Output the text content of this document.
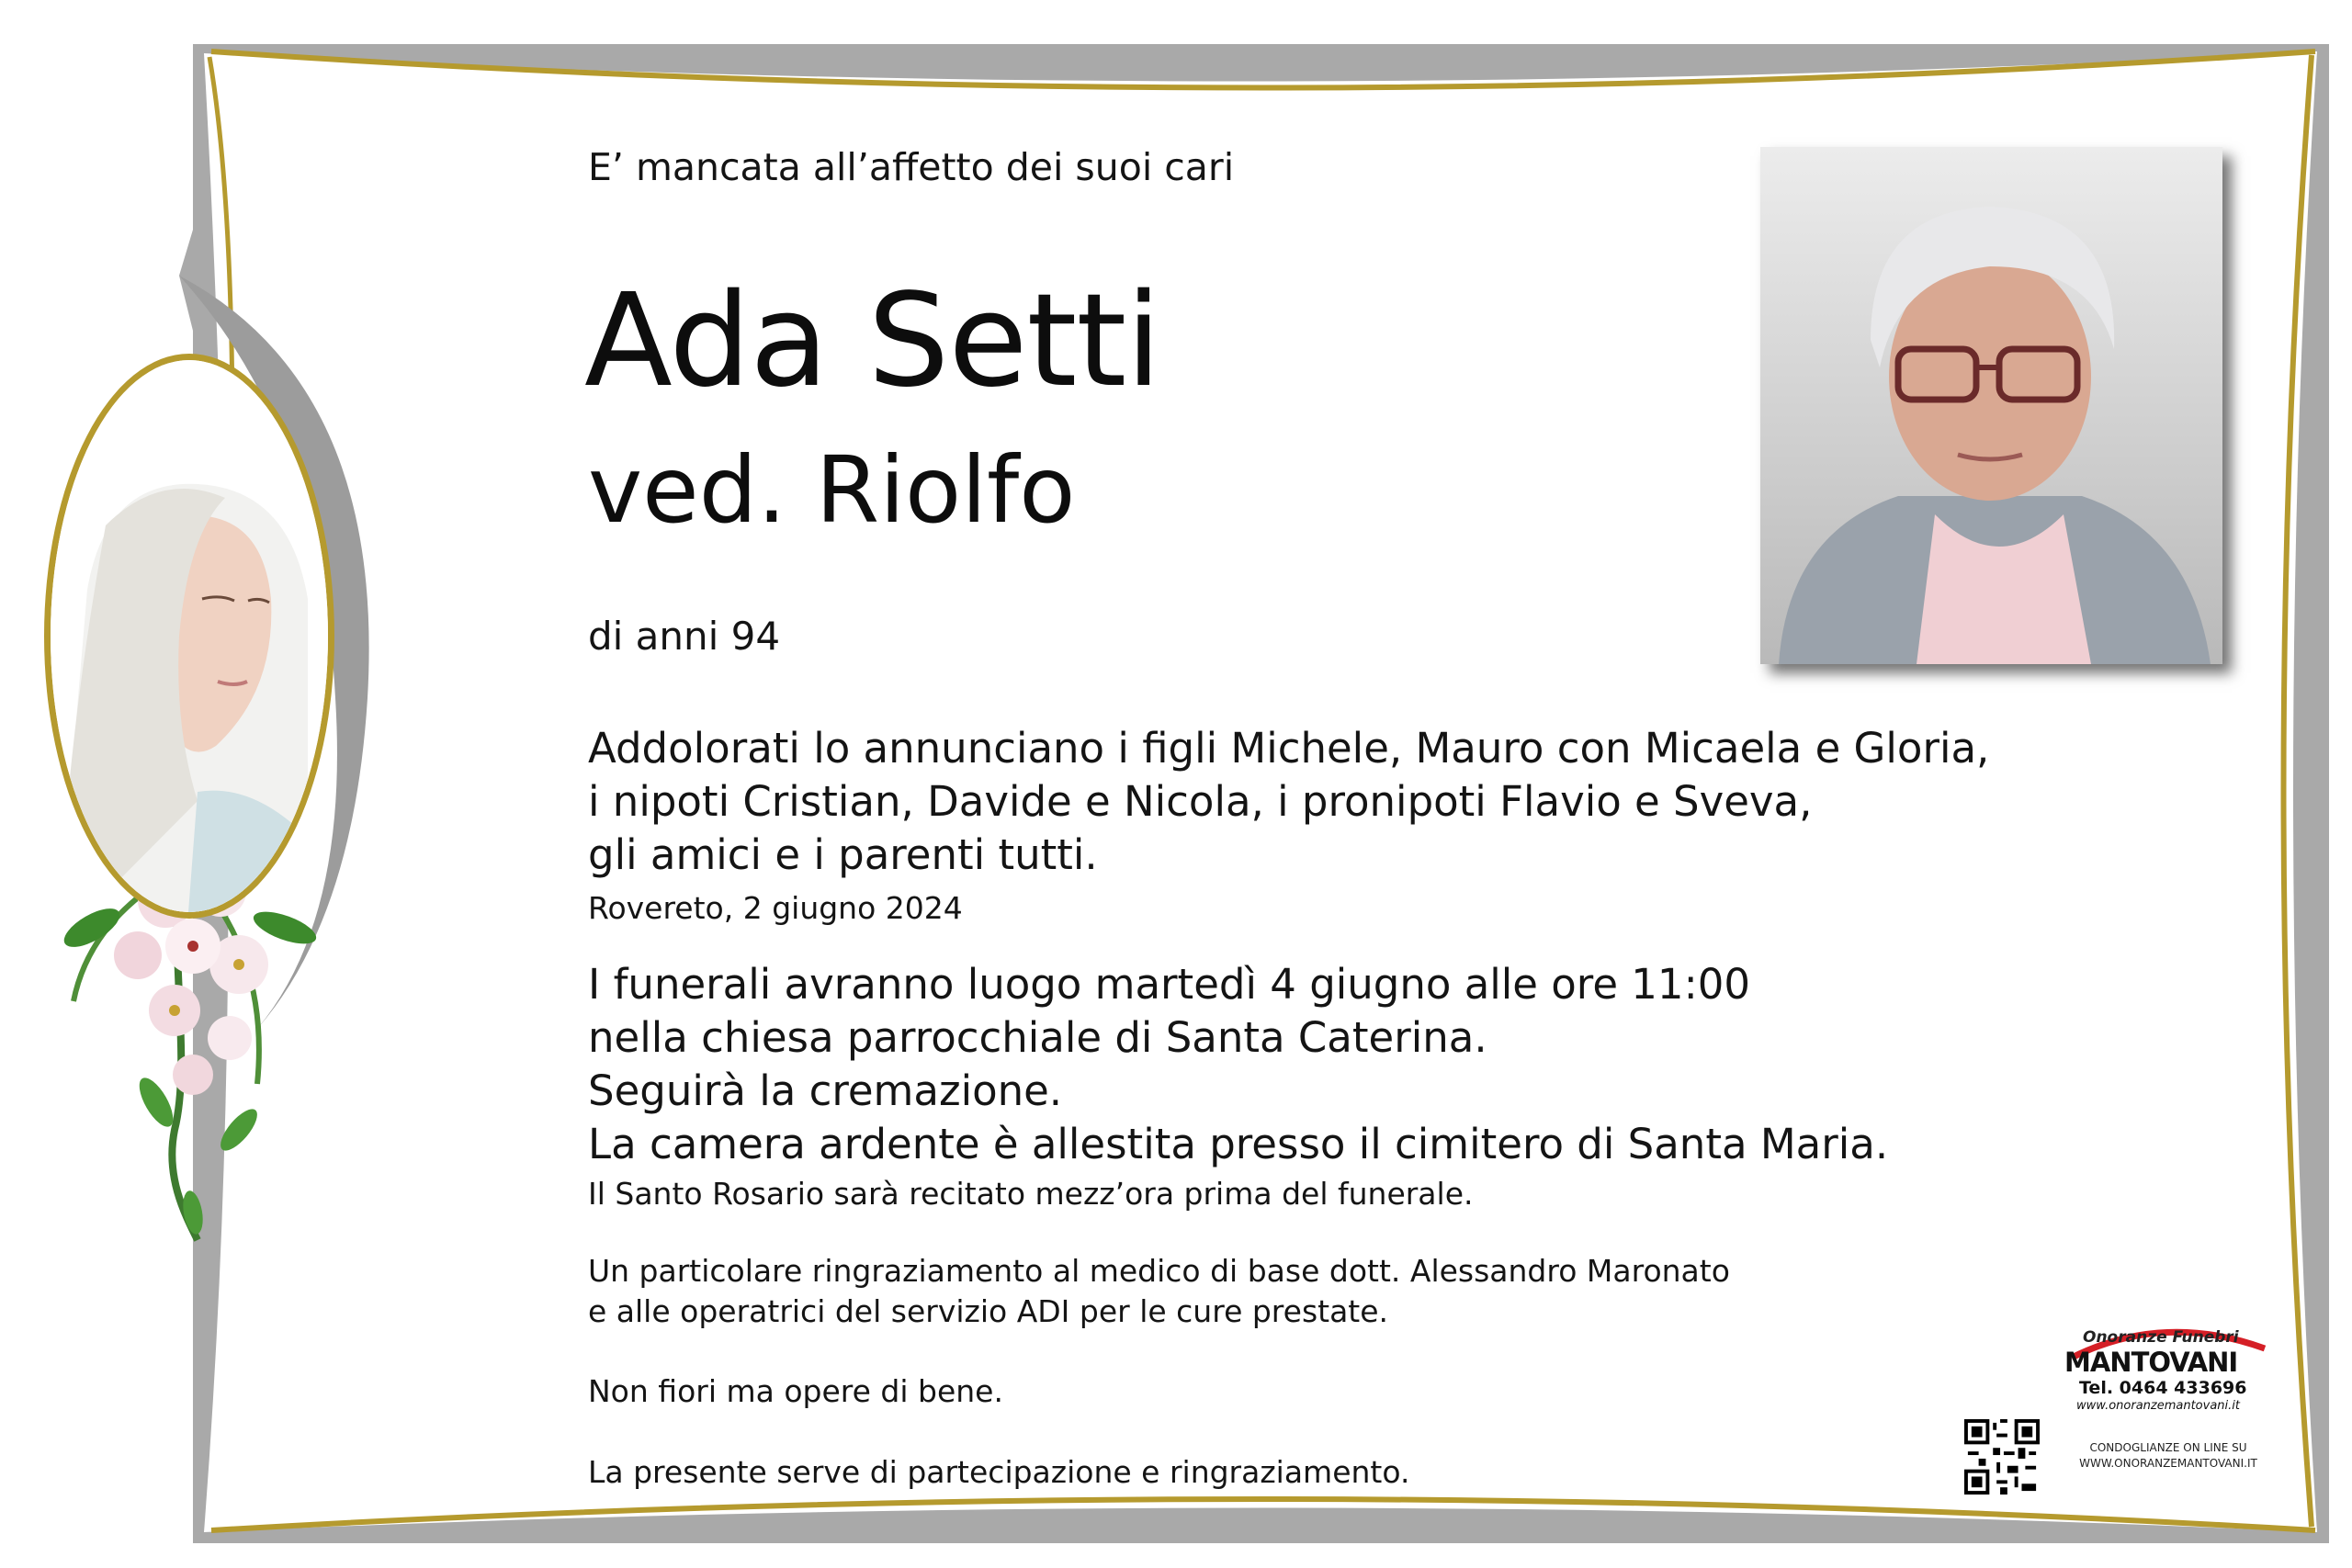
E’ mancata all’affetto dei suoi cari
Ada Setti
ved. Riolfo
di anni 94
Addolorati lo annunciano i figli Michele, Mauro con Micaela e Gloria,
i nipoti Cristian, Davide e Nicola, i pronipoti Flavio e Sveva,
gli amici e i parenti tutti.
Rovereto, 2 giugno 2024
I funerali avranno luogo martedì 4 giugno alle ore 11:00
nella chiesa parrocchiale di Santa Caterina.
Seguirà la cremazione.
La camera ardente è allestita presso il cimitero di Santa Maria.
Il Santo Rosario sarà recitato mezz’ora prima del funerale.
Un particolare ringraziamento al medico di base dott. Alessandro Maronato
e alle operatrici del servizio ADI per le cure prestate.
Non fiori ma opere di bene.
La presente serve di partecipazione e ringraziamento.
Onoranze Funebri
MANTOVANI
Tel. 0464 433696
www.onoranzemantovani.it
CONDOGLIANZE ON LINE SU
WWW.ONORANZEMANTOVANI.IT
